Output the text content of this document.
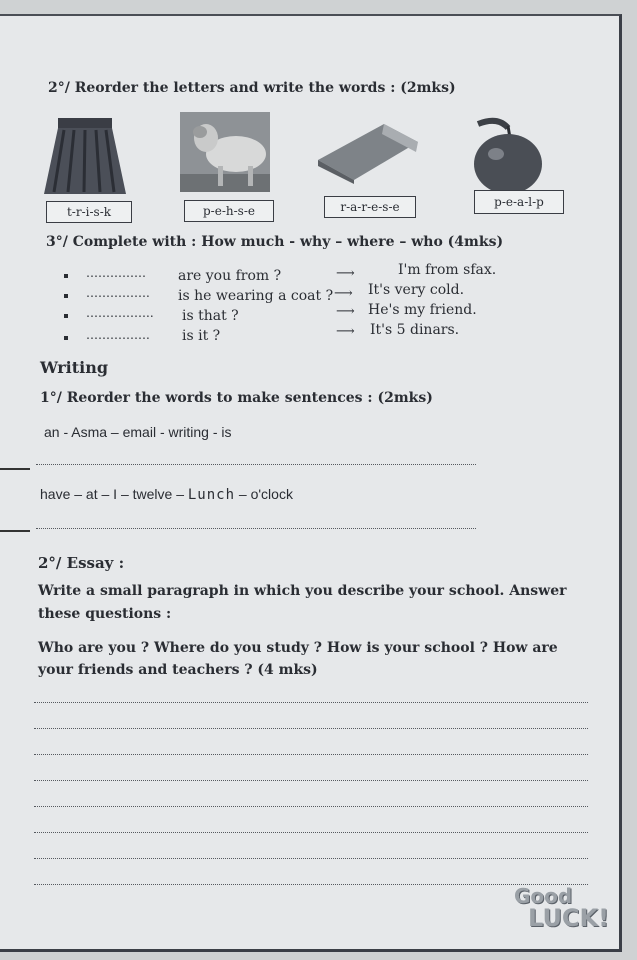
2°/ Reorder the letters and write the words : (2mks)
t-r-i-s-k	p-e-h-s-e	r-a-r-e-s-e	p-e-a-l-p
3°/ Complete with : How much - why – where – who (4mks)
…………… are you from ?	⟶	I'm from sfax.
……………. is he wearing a coat ? ⟶ It's very cold.
…………….. is that ?	⟶ He's my friend.
……………. is it ?	⟶ It's 5 dinars.
Writing
1°/ Reorder the words to make sentences : (2mks)
an - Asma – email - writing - is
have – at – I – twelve – Lunch – o'clock
2°/ Essay :
Write a small paragraph in which you describe your school. Answer
these questions :
Who are you ? Where do you study ? How is your school ? How are
your friends and teachers ? (4 mks)
Good
LUCK!
